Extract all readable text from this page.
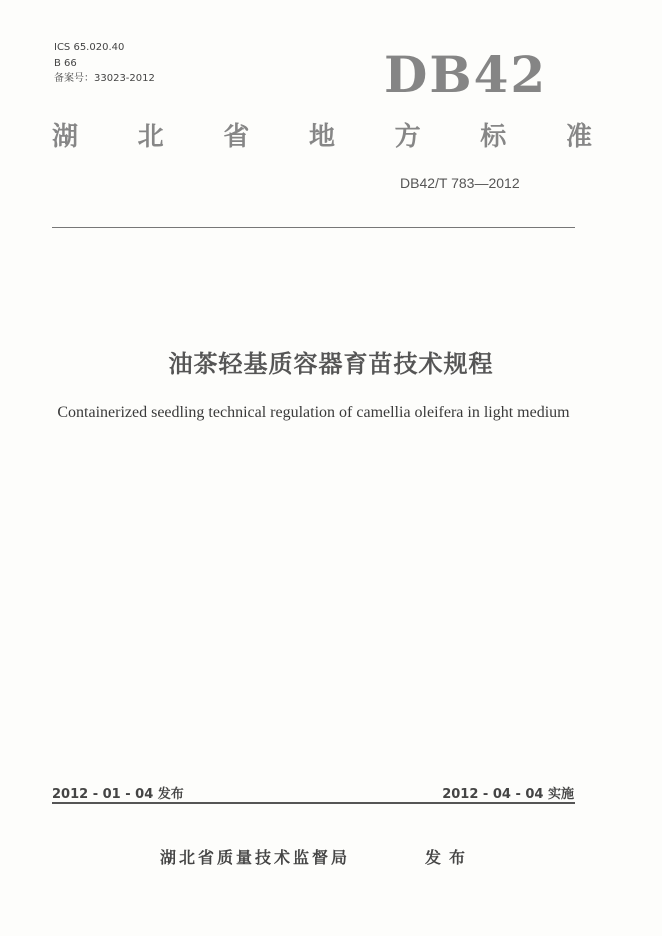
ICS 65.020.40
B 66
备案号：33023-2012	DB42
湖 北 省 地 方 标 准
DB42/T 783—2012
油茶轻基质容器育苗技术规程
Containerized seedling technical regulation of camellia oleifera in light medium
2012 - 01 - 04 发布	2012 - 04 - 04 实施
湖北省质量技术监督局	发布
